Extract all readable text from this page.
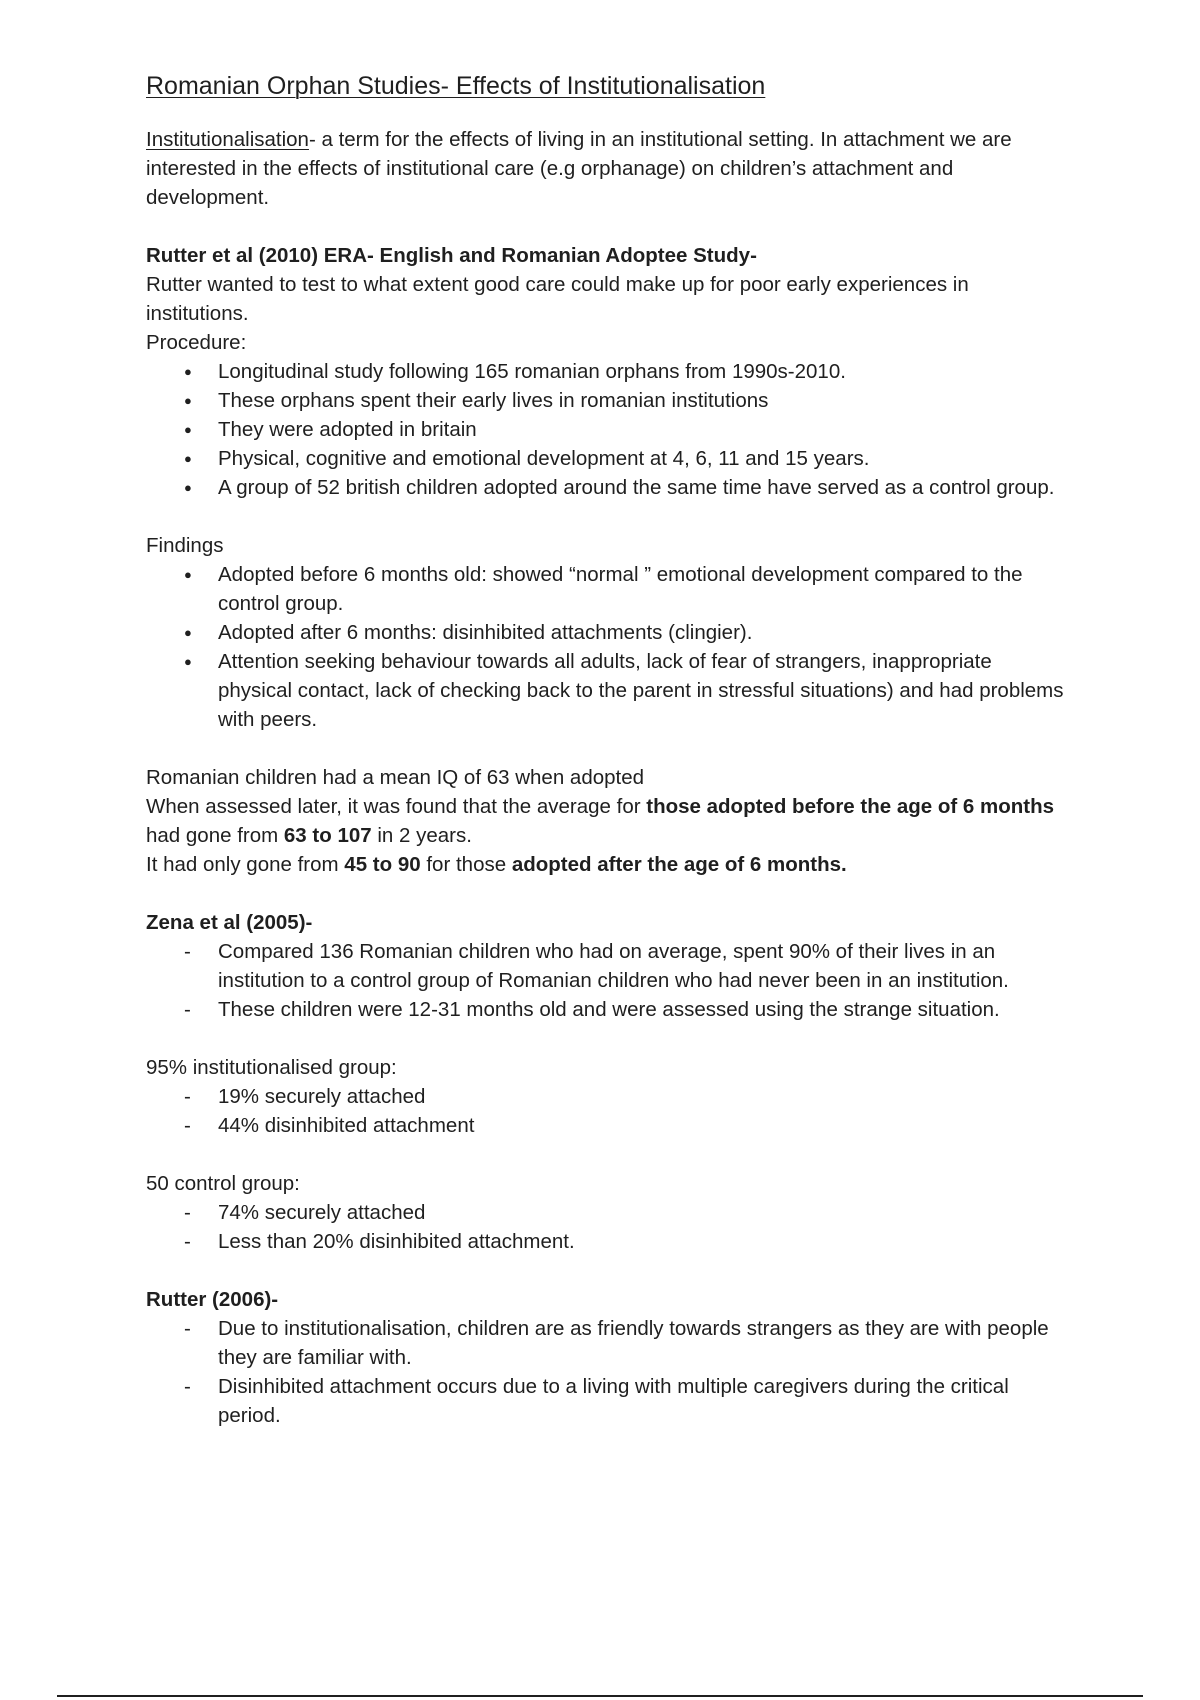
Romanian Orphan Studies- Effects of Institutionalisation

Institutionalisation- a term for the effects of living in an institutional setting. In attachment we are interested in the effects of institutional care (e.g orphanage) on children’s attachment and development.

Rutter et al (2010) ERA- English and Romanian Adoptee Study-

Rutter wanted to test to what extent good care could make up for poor early experiences in institutions.

Procedure:

● Longitudinal study following 165 romanian orphans from 1990s-2010.
● These orphans spent their early lives in romanian institutions
● They were adopted in britain
● Physical, cognitive and emotional development at 4, 6, 11 and 15 years.
● A group of 52 british children adopted around the same time have served as a control group.

Findings

● Adopted before 6 months old: showed “normal ” emotional development compared to the control group.
● Adopted after 6 months: disinhibited attachments (clingier).
● Attention seeking behaviour towards all adults, lack of fear of strangers, inappropriate physical contact, lack of checking back to the parent in stressful situations) and had problems with peers.

Romanian children had a mean IQ of 63 when adopted

When assessed later, it was found that the average for those adopted before the age of 6 months had gone from 63 to 107 in 2 years.

It had only gone from 45 to 90 for those adopted after the age of 6 months.

Zena et al (2005)-

- Compared 136 Romanian children who had on average, spent 90% of their lives in an institution to a control group of Romanian children who had never been in an institution.
- These children were 12-31 months old and were assessed using the strange situation.

95% institutionalised group:

- 19% securely attached
- 44% disinhibited attachment

50 control group:

- 74% securely attached
- Less than 20% disinhibited attachment.

Rutter (2006)-

- Due to institutionalisation, children are as friendly towards strangers as they are with people they are familiar with.
- Disinhibited attachment occurs due to a living with multiple caregivers during the critical period.
